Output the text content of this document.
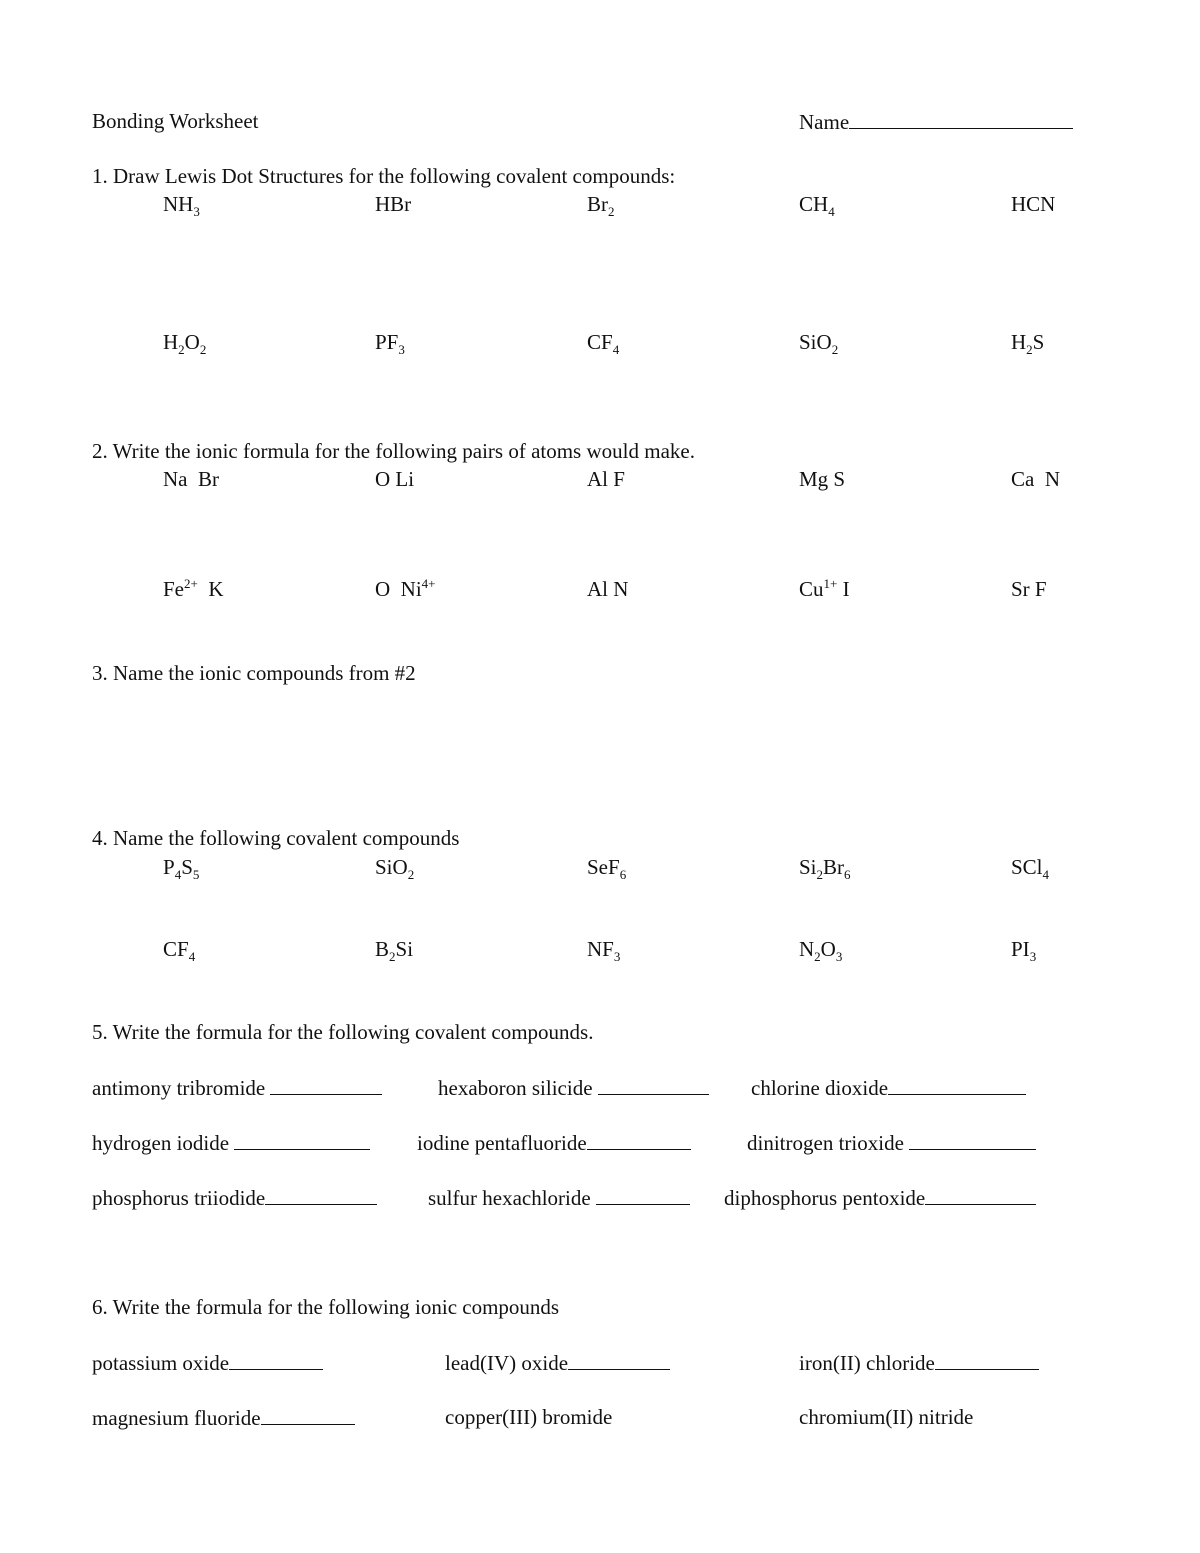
Bonding Worksheet	Name
1. Draw Lewis Dot Structures for the following covalent compounds:
$NH_3$	HBr	$Br_2$	$CH_4$	HCN
$H_2O_2$	$PF_3$	$CF_4$	SiO$_2$	$H_2S$
2. Write the ionic formula for the following pairs of atoms would make.
Na  Br	O Li	Al F	Mg S	Ca  N
$Fe^{2+}$  K	O  $Ni^{4+}$	Al N	$Cu^{1+}$ I	Sr F
3. Name the ionic compounds from #2
4. Name the following covalent compounds
$P_4S_5$	SiO$_2$	SeF$_6$	$Si_2Br_6$	SCl$_4$
$CF_4$	$B_2Si$	$NF_3$	$N_2O_3$	$PI_3$
5. Write the formula for the following covalent compounds.
antimony tribromide	hexaboron silicide	chlorine dioxide
hydrogen iodide	iodine pentafluoride	dinitrogen trioxide
phosphorus triiodide	sulfur hexachloride	diphosphorus pentoxide
6. Write the formula for the following ionic compounds
potassium oxide	lead(IV) oxide	iron(II) chloride
magnesium fluoride	copper(III) bromide	chromium(II) nitride
